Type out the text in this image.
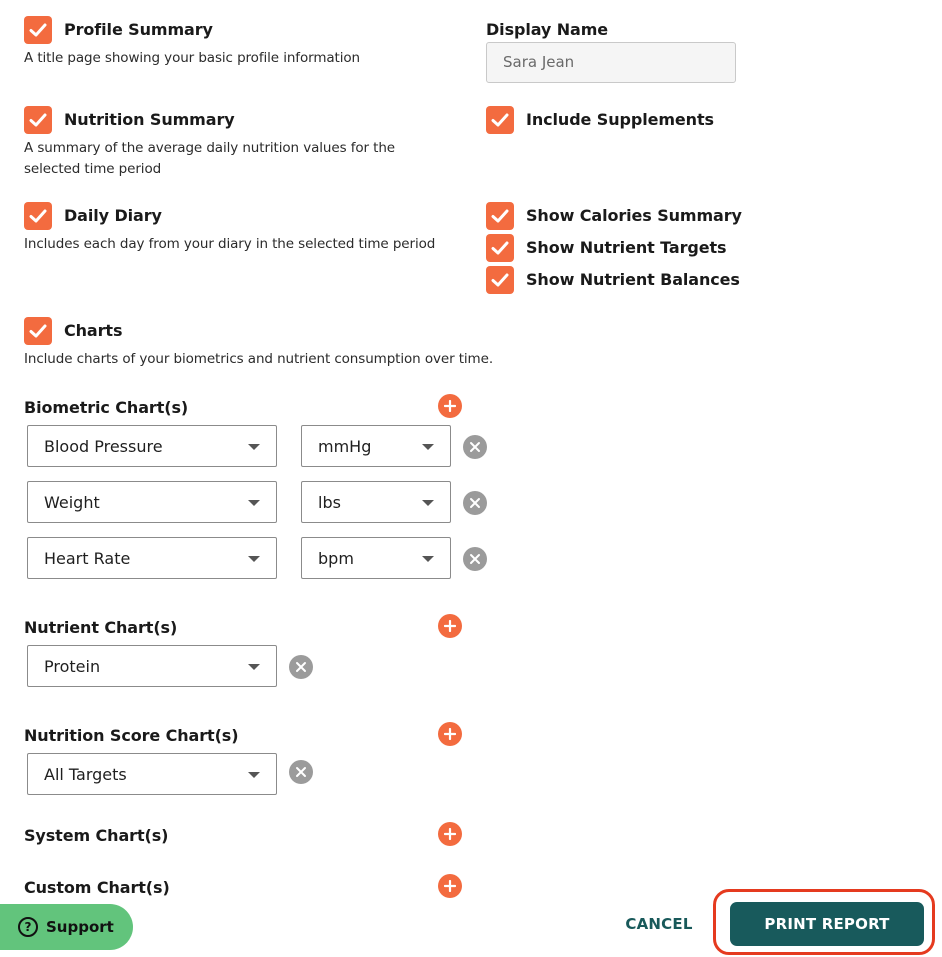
Profile Summary
A title page showing your basic profile information
Nutrition Summary
A summary of the average daily nutrition values for the selected time period
Daily Diary
Includes each day from your diary in the selected time period
Charts
Include charts of your biometrics and nutrient consumption over time.
Display Name
Sara Jean
Include Supplements
Show Calories Summary
Show Nutrient Targets
Show Nutrient Balances
Biometric Chart(s)
Blood Pressure	mmHg
Weight	lbs
Heart Rate	bpm
Nutrient Chart(s)
Protein
Nutrition Score Chart(s)
All Targets
System Chart(s)
Custom Chart(s)
? Support	CANCEL	PRINT REPORT
